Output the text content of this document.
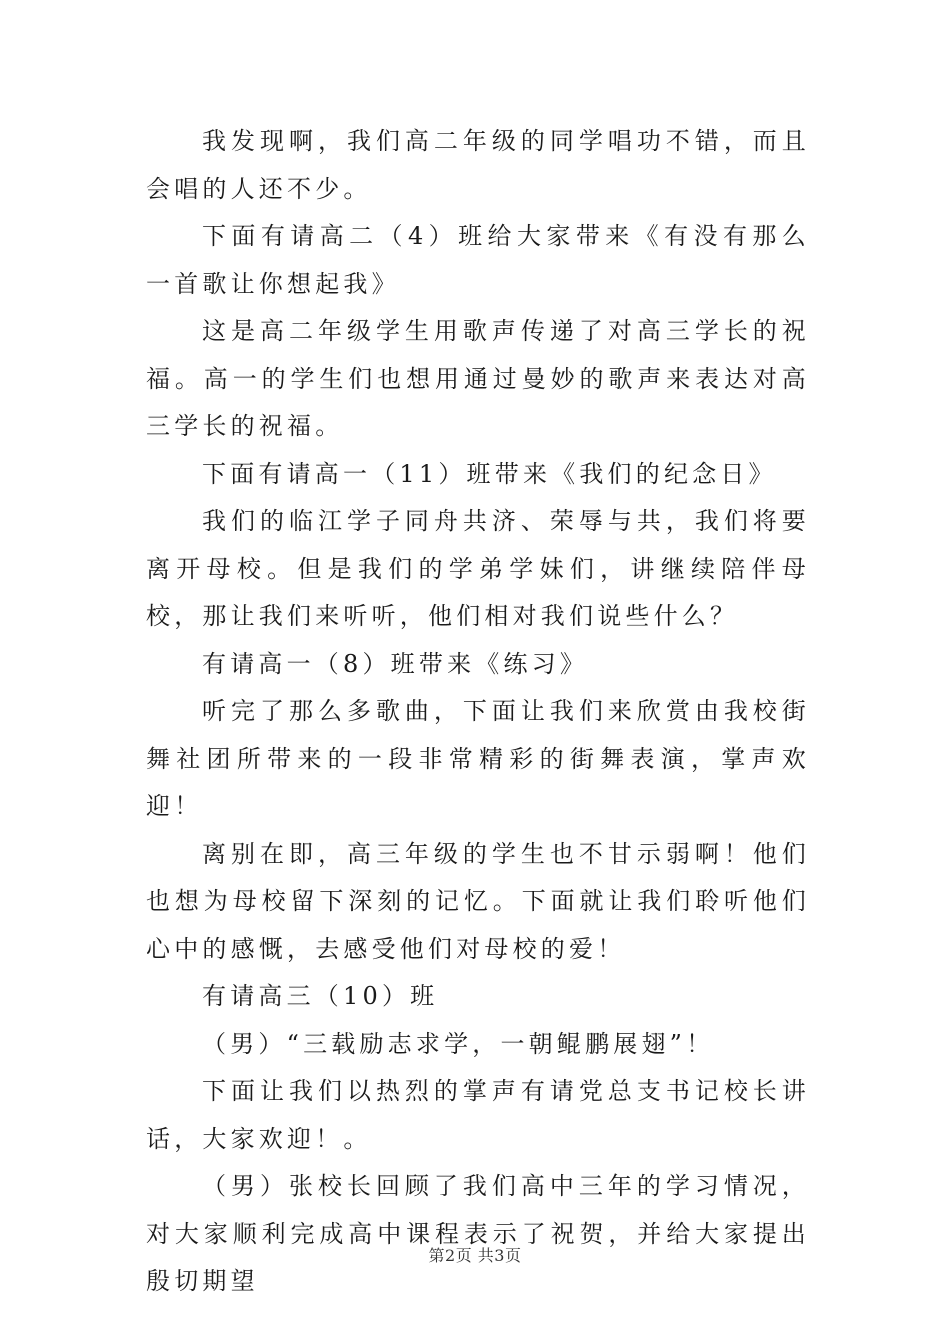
我发现啊，我们高二年级的同学唱功不错，而且会唱的人还不少。

下面有请高二（4）班给大家带来《有没有那么一首歌让你想起我》

这是高二年级学生用歌声传递了对高三学长的祝福。高一的学生们也想用通过曼妙的歌声来表达对高三学长的祝福。

下面有请高一（11）班带来《我们的纪念日》

我们的临江学子同舟共济、荣辱与共，我们将要离开母校。但是我们的学弟学妹们，讲继续陪伴母校，那让我们来听听，他们相对我们说些什么？

有请高一（8）班带来《练习》

听完了那么多歌曲，下面让我们来欣赏由我校街舞社团所带来的一段非常精彩的街舞表演，掌声欢迎！

离别在即，高三年级的学生也不甘示弱啊！他们也想为母校留下深刻的记忆。下面就让我们聆听他们心中的感慨，去感受他们对母校的爱！

有请高三（10）班

（男）“三载励志求学，一朝鲲鹏展翅”！

下面让我们以热烈的掌声有请党总支书记校长讲话，大家欢迎！。

（男）张校长回顾了我们高中三年的学习情况，对大家顺利完成高中课程表示了祝贺，并给大家提出殷切期望

第2页 共3页
